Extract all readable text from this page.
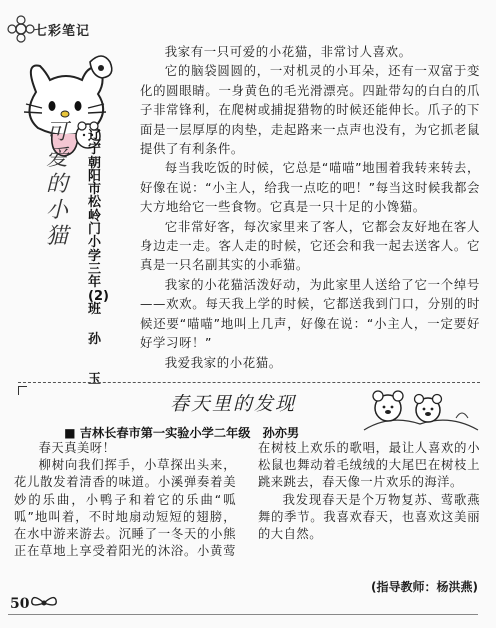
七彩笔记
可
爱
的
小
猫
辽宁朝阳市松岭门小学三年(2)班
孙 玉

我家有一只可爱的小花猫，非常讨人喜欢。

它的脑袋圆圆的，一对机灵的小耳朵，还有一双富于变化的圆眼睛。一身黄色的毛光滑漂亮。四趾带勾的白白的爪子非常锋利，在爬树或捕捉猎物的时候还能伸长。爪子的下面是一层厚厚的肉垫，走起路来一点声也没有，为它抓老鼠提供了有利条件。

每当我吃饭的时候，它总是“喵喵”地围着我转来转去，好像在说：“小主人，给我一点吃的吧！”每当这时候我都会大方地给它一些食物。它真是一只十足的小馋猫。

它非常好客，每次家里来了客人，它都会友好地在客人身边走一走。客人走的时候，它还会和我一起去送客人。它真是一只名副其实的小乖猫。

我家的小花猫活泼好动，为此家里人送给了它一个绰号——欢欢。每天我上学的时候，它都送我到门口，分别的时候还要“喵喵”地叫上几声，好像在说：“小主人，一定要好好学习呀！”

我爱我家的小花猫。

春天里的发现
■ 吉林长春市第一实验小学二年级　孙亦男

春天真美呀！

柳树向我们挥手，小草探出头来，花儿散发着清香的味道。小溪弹奏着美妙的乐曲，小鸭子和着它的乐曲“呱呱”地叫着，不时地扇动短短的翅膀，在水中游来游去。沉睡了一冬天的小熊正在草地上享受着阳光的沐浴。小黄莺在树枝上欢乐的歌唱，最让人喜欢的小松鼠也舞动着毛绒绒的大尾巴在树枝上跳来跳去，春天像一片欢乐的海洋。

我发现春天是个万物复苏、莺歌燕舞的季节。我喜欢春天，也喜欢这美丽的大自然。

(指导教师：杨洪燕)
50
